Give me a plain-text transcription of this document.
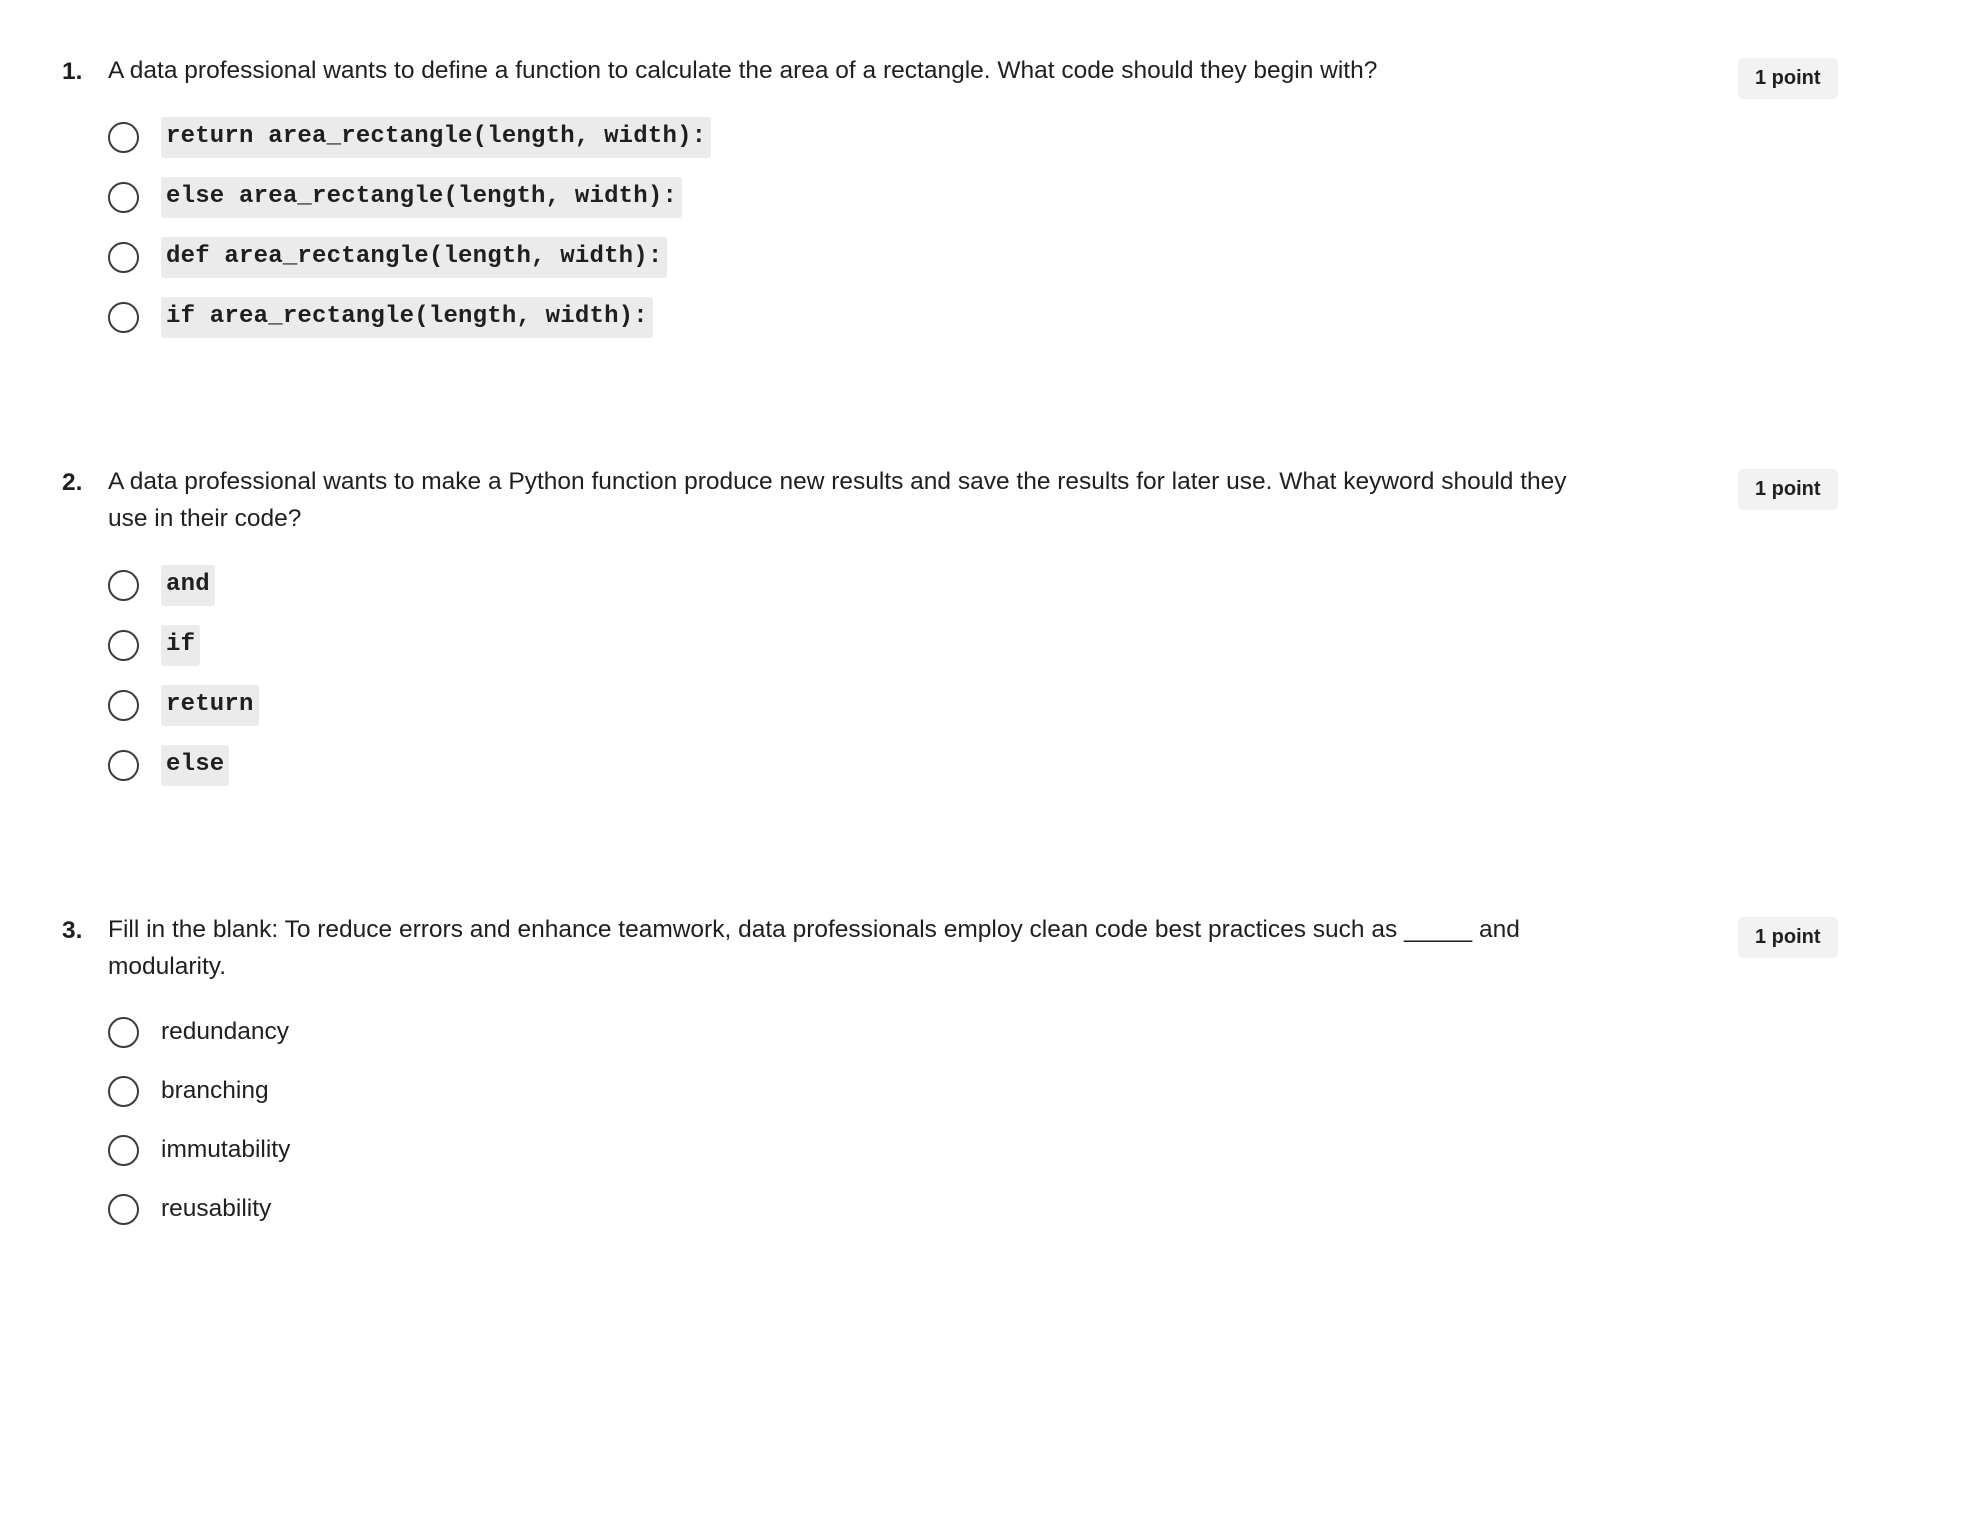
1.	A data professional wants to define a function to calculate the area of a rectangle. What code should they begin with?
return area_rectangle(length, width):
else area_rectangle(length, width):
def area_rectangle(length, width):
if area_rectangle(length, width):
1 point
2.	A data professional wants to make a Python function produce new results and save the results for later use. What keyword should they use in their code?
and
if
return
else
1 point
3.	Fill in the blank: To reduce errors and enhance teamwork, data professionals employ clean code best practices such as _____ and modularity.
redundancy
branching
immutability
reusability
1 point
